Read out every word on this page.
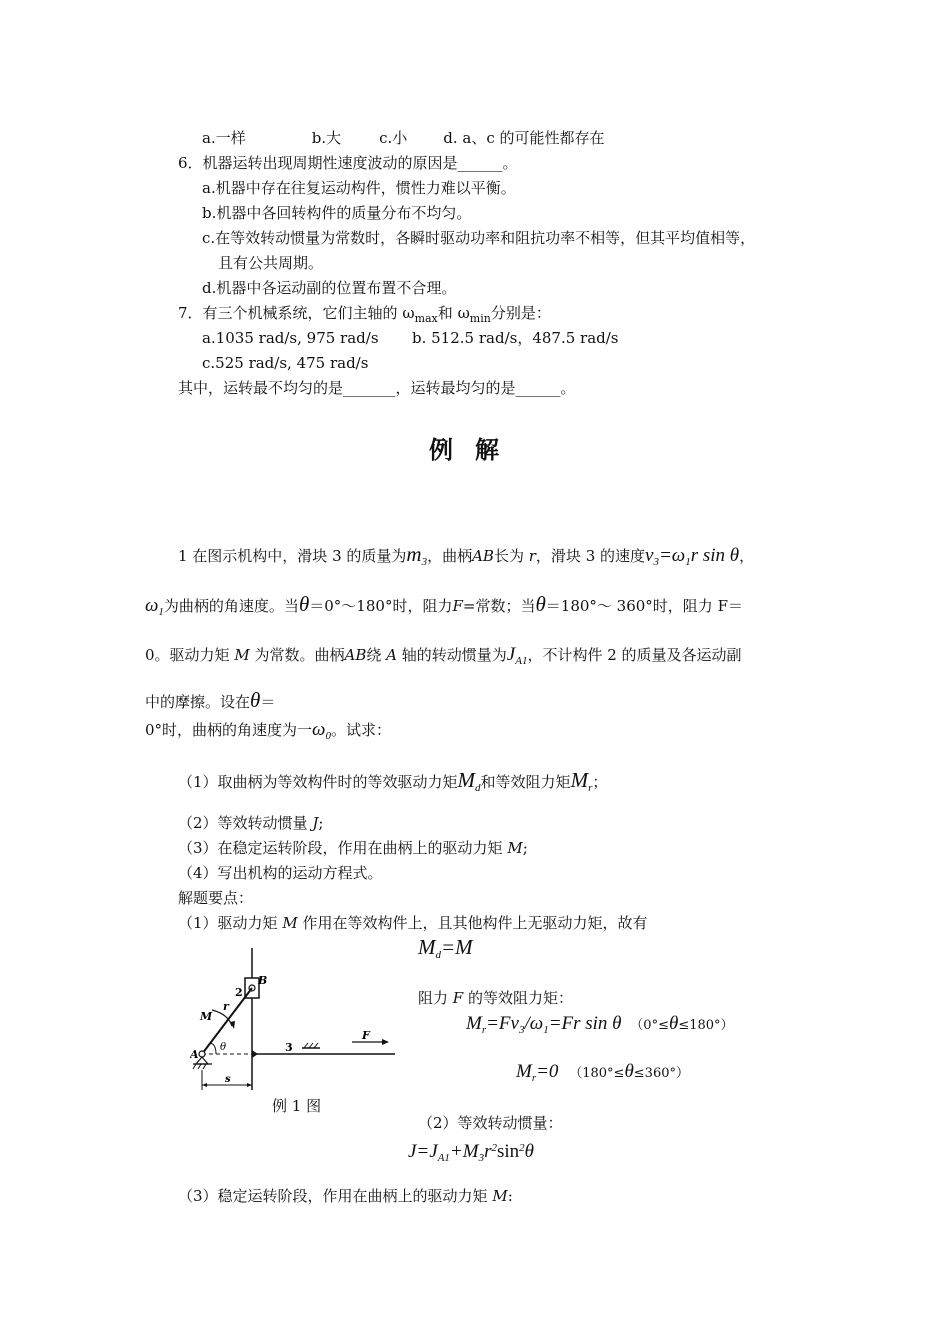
a.一样	b.大	c.小 d. a、c 的可能性都存在
6．机器运转出现周期性速度波动的原因是______。
a.机器中存在往复运动构件，惯性力难以平衡。
b.机器中各回转构件的质量分布不均匀。
c.在等效转动惯量为常数时，各瞬时驱动功率和阻抗功率不相等，但其平均值相等，
且有公共周期。
d.机器中各运动副的位置布置不合理。
7．有三个机械系统，它们主轴的 $\omega_{max}$和 $\omega_{min}$分别是：
a.1035 rad/s, 975 rad/s b. 512.5 rad/s，487.5 rad/s
c.525 rad/s, 475 rad/s
其中，运转最不均匀的是_______，运转最均匀的是______。
例解
1 在图示机构中，滑块 3 的质量为$m_3$，曲柄AB长为 r，滑块 3 的速度$v_3=\omega_1r$ sin θ，
$\omega_1$为曲柄的角速度。当θ＝0°～180°时，阻力F=常数；当θ＝180°～ 360°时，阻力 F＝
0。驱动力矩 M 为常数。曲柄AB绕 A 轴的转动惯量为$J_{A1}$，不计构件 2 的质量及各运动副
中的摩擦。设在θ＝
0°时，曲柄的角速度为一$\omega_0$。试求：
（1）取曲柄为等效构件时的等效驱动力矩$M_d$和等效阻力矩$M_r$；
（2）等效转动惯量 J;
（3）在稳定运转阶段，作用在曲柄上的驱动力矩 M;
（4）写出机构的运动方程式。
解题要点：
（1）驱动力矩 M 作用在等效构件上，且其他构件上无驱动力矩，故有
$M_d=M$
阻力 F 的等效阻力矩：
$M_r=Fv_3/\omega_1=Fr$ sin θ （0°≤θ≤180°）
$M_r=0$ （180°≤θ≤360°）
例 1 图
（2）等效转动惯量：
$J=J_{A1}+M_3r^2\sin^2\theta$
（3）稳定运转阶段，作用在曲柄上的驱动力矩 M:
B
2
M
r
A
θ	3
F
s
